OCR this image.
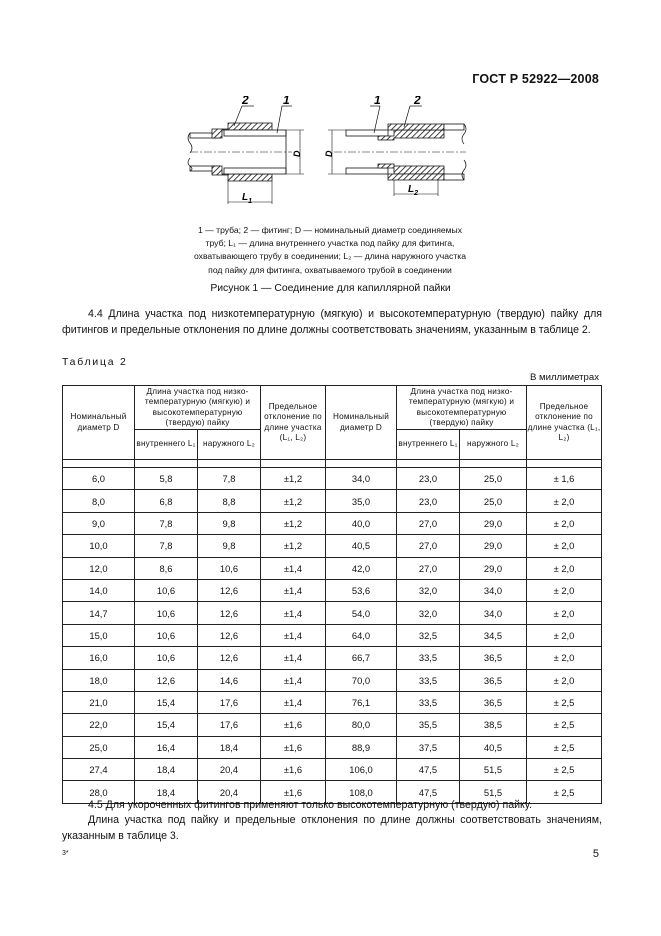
ГОСТ Р 52922—2008
2	1
D
$L_1$
1	2
D
$L_2$
1 — труба; 2 — фитинг; D — номинальный диаметр соединяемых
труб; L₁ — длина внутреннего участка под пайку для фитинга,
охватывающего трубу в соединении; L₂ — длина наружного участка
под пайку для фитинга, охватываемого трубой в соединении
Рисунок 1 — Соединение для капиллярной пайки
4.4 Длина участка под низкотемпературную (мягкую) и высокотемпературную (твердую) пайку для фитингов и предельные отклонения по длине должны соответствовать значениям, указанным в таблице 2.
Таблица 2
В миллиметрах
Номинальный диаметр D	Длина участка под низко-температурную (мягкую) и высокотемпературную (твердую) пайку		Предельное отклонение по длине участка (L₁, L₂)	Номинальный диаметр D	Длина участка под низко-температурную (мягкую) и высокотемпературную (твердую) пайку		Предельное отклонение по длине участка (L₁, L₂)
	внутреннего L₁	наружного L₂			внутреннего L₁	наружного L₂	

6,0	5,8	7,8	±1,2	34,0	23,0	25,0	± 1,6
8,0	6,8	8,8	±1,2	35,0	23,0	25,0	± 2,0
9,0	7,8	9,8	±1,2	40,0	27,0	29,0	± 2,0
10,0	7,8	9,8	±1,2	40,5	27,0	29,0	± 2,0
12,0	8,6	10,6	±1,4	42,0	27,0	29,0	± 2,0
14,0	10,6	12,6	±1,4	53,6	32,0	34,0	± 2,0
14,7	10,6	12,6	±1,4	54,0	32,0	34,0	± 2,0
15,0	10,6	12,6	±1,4	64,0	32,5	34,5	± 2,0
16,0	10,6	12,6	±1,4	66,7	33,5	36,5	± 2,0
18,0	12,6	14,6	±1,4	70,0	33,5	36,5	± 2,0
21,0	15,4	17,6	±1,4	76,1	33,5	36,5	± 2,5
22,0	15,4	17,6	±1,6	80,0	35,5	38,5	± 2,5
25,0	16,4	18,4	±1,6	88,9	37,5	40,5	± 2,5
27,4	18,4	20,4	±1,6	106,0	47,5	51,5	± 2,5
28,0	18,4	20,4	±1,6	108,0	47,5	51,5	± 2,5
4.5 Для укороченных фитингов применяют только высокотемпературную (твердую) пайку.
Длина участка под пайку и предельные отклонения по длине должны соответствовать значениям, указанным в таблице 3.
3*	5
